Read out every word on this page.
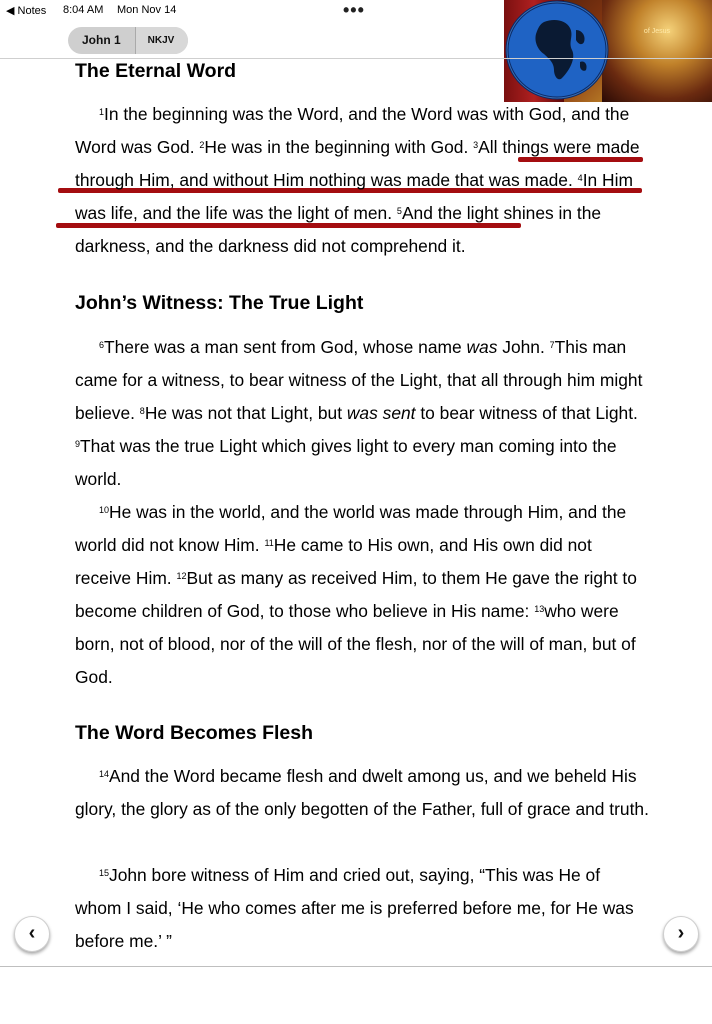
◀ Notes 8:04 AM Mon Nov 14	•••
John 1	NKJV
of Jesus
The Eternal Word

$^1$In the beginning was the Word, and the Word was with God, and the Word was God. $^2$He was in the beginning with God. $^3$All things were made through Him, and without Him nothing was made that was made. $^4$In Him was life, and the life was the light of men. $^5$And the light shines in the darkness, and the darkness did not comprehend it.

John’s Witness: The True Light

$^6$There was a man sent from God, whose name was John. $^7$This man came for a witness, to bear witness of the Light, that all through him might believe. $^8$He was not that Light, but was sent to bear witness of that Light. $^9$That was the true Light which gives light to every man coming into the world.

$^{10}$He was in the world, and the world was made through Him, and the world did not know Him. $^{11}$He came to His own, and His own did not receive Him. $^{12}$But as many as received Him, to them He gave the right to become children of God, to those who believe in His name: $^{13}$who were born, not of blood, nor of the will of the flesh, nor of the will of man, but of God.

The Word Becomes Flesh

$^{14}$And the Word became flesh and dwelt among us, and we beheld His glory, the glory as of the only begotten of the Father, full of grace and truth.

$^{15}$John bore witness of Him and cried out, saying, “This was He of whom I said, ‘He who comes after me is preferred before me, for He was before me.’ ”

‹	›
